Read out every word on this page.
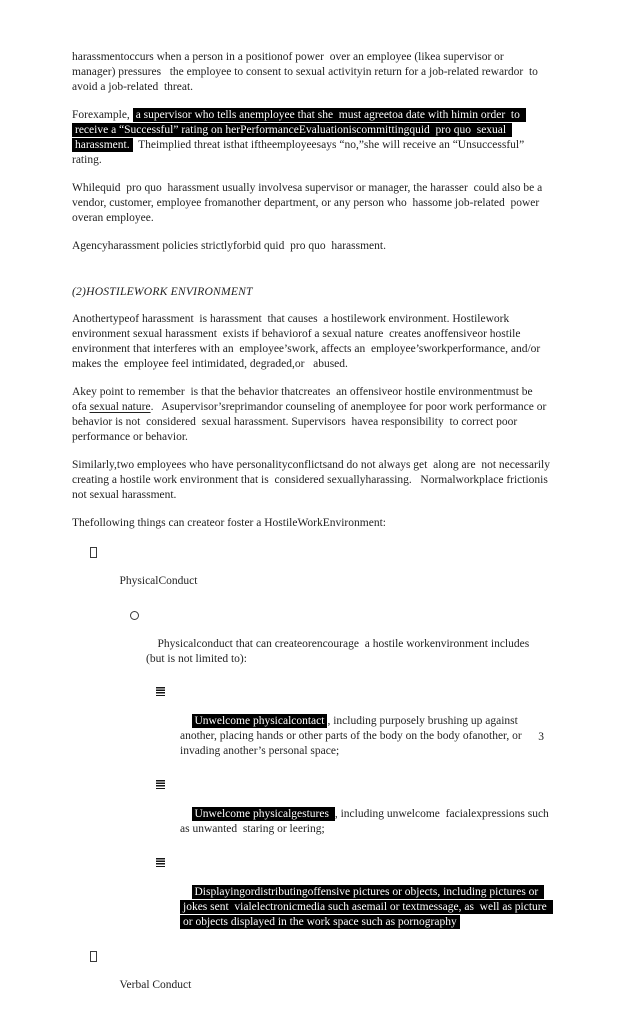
harassmentoccurs when a person in a positionof power  over an employee (likea supervisor or manager) pressures   the employee to consent to sexual activityin return for a job-related rewardor  to avoid a job-related  threat.

Forexample, a supervisor who tells anemployee that she  must agreetoa date with himin order  to receive a “Successful” rating on herPerformanceEvaluationiscommittingquid  pro quo  sexual harassment.  Theimplied threat isthat iftheemployeesays “no,”she will receive an “Unsuccessful” rating.

Whilequid  pro quo  harassment usually involvesa supervisor or manager, the harasser  could also be a vendor, customer, employee fromanother department, or any person who  hassome job-related  power overan employee.

Agencyharassment policies strictlyforbid quid  pro quo  harassment.

(2)HOSTILEWORK ENVIRONMENT

Anothertypeof harassment  is harassment  that causes  a hostilework environment. Hostilework environment sexual harassment  exists if behaviorof a sexual nature  creates anoffensiveor hostile environment that interferes with an  employee’swork, affects an  employee’sworkperformance, and/or makes the  employee feel intimidated, degraded,or   abused.

Akey point to remember  is that the behavior thatcreates  an offensiveor hostile environmentmust be ofa sexual nature.   Asupervisor’sreprimandor counseling of anemployee for poor work performance or behavior is not  considered  sexual harassment. Supervisors  havea responsibility  to correct poor performance or behavior.

Similarly,two employees who have personalityconflictsand do not always get  along are  not necessarily creating a hostile work environment that is  considered sexuallyharassing.   Normalworkplace frictionis not sexual harassment.

Thefollowing things can createor foster a HostileWorkEnvironment:

PhysicalConduct

Physicalconduct that can createorencourage  a hostile workenvironment includes (but is not limited to):

Unwelcome physicalcontact , including purposely brushing up against  another, placing hands or other parts of the body on the body ofanother, or invading another’s personal space;

Unwelcome physicalgestures , including unwelcome  facialexpressions such as unwanted  staring or leering;

Displayingordistributingoffensive pictures or objects, including pictures or jokes sent  vialelectronicmedia such asemail or textmessage, as  well as picture or objects displayed in the work space such as pornography

Verbal Conduct

3
